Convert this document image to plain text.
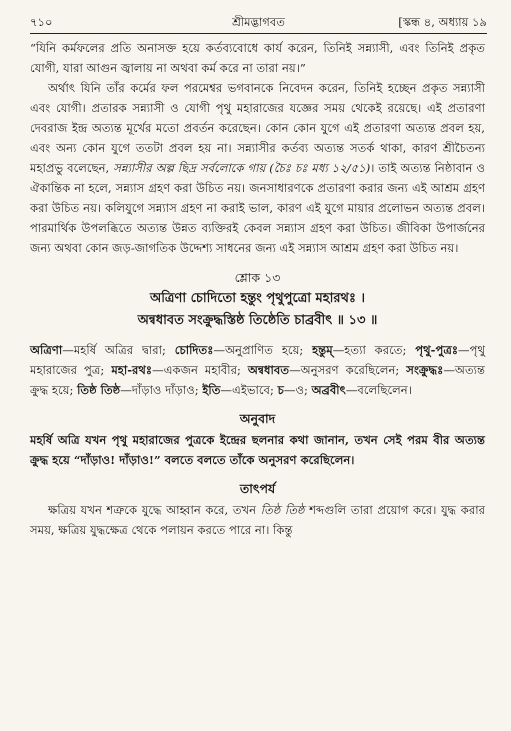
৭১০	শ্রীমদ্ভাগবত	[স্কন্ধ ৪, অধ্যায় ১৯

“যিনি কর্মফলের প্রতি অনাসক্ত হয়ে কর্তব্যবোধে কার্য করেন, তিনিই সন্ন্যাসী, এবং তিনিই প্রকৃত যোগী, যারা আগুন জ্বালায় না অথবা কর্ম করে না তারা নয়।”

অর্থাৎ যিনি তাঁর কর্মের ফল পরমেশ্বর ভগবানকে নিবেদন করেন, তিনিই হচ্ছেন প্রকৃত সন্ন্যাসী এবং যোগী। প্রতারক সন্ন্যাসী ও যোগী পৃথু মহারাজের যজ্ঞের সময় থেকেই রয়েছে। এই প্রতারণা দেবরাজ ইন্দ্র অত্যন্ত মূর্খের মতো প্রবর্তন করেছেন। কোন কোন যুগে এই প্রতারণা অত্যন্ত প্রবল হয়, এবং অন্য কোন যুগে ততটা প্রবল হয় না। সন্ন্যাসীর কর্তব্য অত্যন্ত সতর্ক থাকা, কারণ শ্রীচৈতন্য মহাপ্রভু বলেছেন, সন্ন্যাসীর অল্প ছিদ্র সর্বলোকে গায় (চৈঃ চঃ মধ্য ১২/৫১)। তাই অত্যন্ত নিষ্ঠাবান ও ঐকান্তিক না হলে, সন্ন্যাস গ্রহণ করা উচিত নয়। জনসাধারণকে প্রতারণা করার জন্য এই আশ্রম গ্রহণ করা উচিত নয়। কলিযুগে সন্ন্যাস গ্রহণ না করাই ভাল, কারণ এই যুগে মায়ার প্রলোভন অত্যন্ত প্রবল। পারমার্থিক উপলব্ধিতে অত্যন্ত উন্নত ব্যক্তিরই কেবল সন্ন্যাস গ্রহণ করা উচিত। জীবিকা উপার্জনের জন্য অথবা কোন জড়-জাগতিক উদ্দেশ্য সাধনের জন্য এই সন্ন্যাস আশ্রম গ্রহণ করা উচিত নয়।

শ্লোক ১৩
অত্রিণা চোদিতো হন্তুং পৃথুপুত্রো মহারথঃ ।
অন্বধাবত সংক্রুদ্ধস্তিষ্ঠ তিষ্ঠেতি চাব্রবীৎ ॥ ১৩ ॥

অত্রিণা—মহর্ষি অত্রির দ্বারা; চোদিতঃ—অনুপ্রাণিত হয়ে; হন্তুম্—হত্যা করতে; পৃথু-পুত্রঃ—পৃথু মহারাজের পুত্র; মহা-রথঃ—একজন মহাবীর; অন্বধাবত—অনুসরণ করেছিলেন; সংক্রুদ্ধঃ—অত্যন্ত ক্রুদ্ধ হয়ে; তিষ্ঠ তিষ্ঠ—দাঁড়াও দাঁড়াও; ইতি—এইভাবে; চ—ও; অব্রবীৎ—বলেছিলেন।

অনুবাদ

মহর্ষি অত্রি যখন পৃথু মহারাজের পুত্রকে ইন্দ্রের ছলনার কথা জানান, তখন সেই পরম বীর অত্যন্ত ক্রুদ্ধ হয়ে “দাঁড়াও! দাঁড়াও!” বলতে বলতে তাঁকে অনুসরণ করেছিলেন।

তাৎপর্য

ক্ষত্রিয় যখন শত্রুকে যুদ্ধে আহ্বান করে, তখন তিষ্ঠ তিষ্ঠ শব্দগুলি তারা প্রয়োগ করে। যুদ্ধ করার সময়, ক্ষত্রিয় যুদ্ধক্ষেত্র থেকে পলায়ন করতে পারে না। কিন্তু
